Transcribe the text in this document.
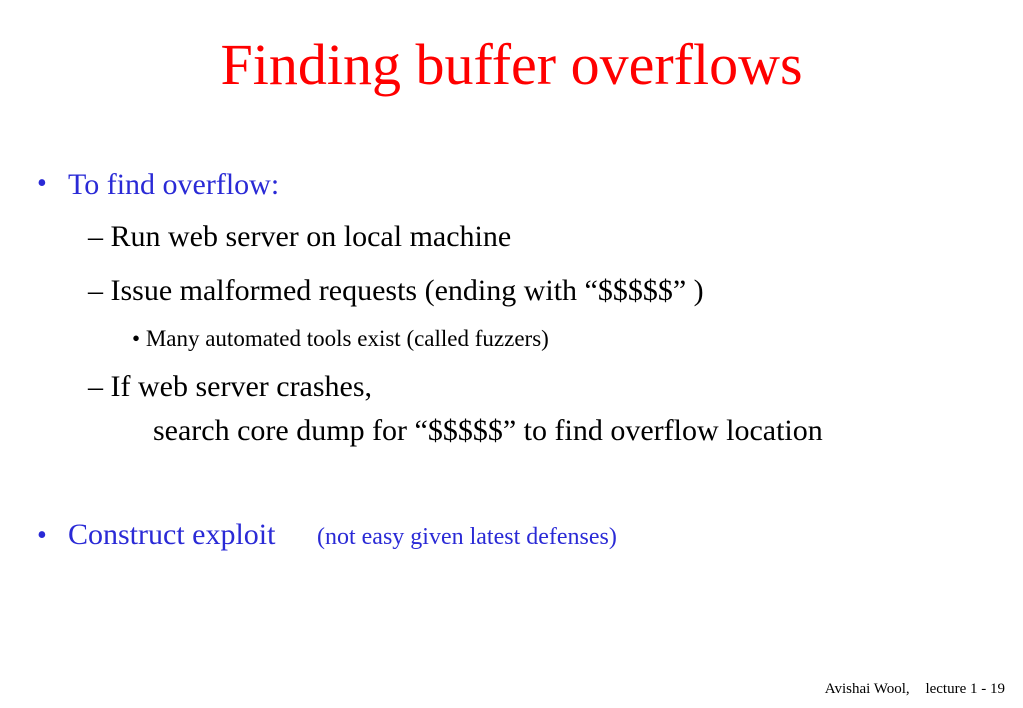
Finding buffer overflows
• To find overflow:
– Run web server on local machine
– Issue malformed requests (ending with “$$$$$” )
• Many automated tools exist (called fuzzers)
– If web server crashes,
search core dump for “$$$$$” to find overflow location
• Construct exploit (not easy given latest defenses)
Avishai Wool, lecture 1 - 19
